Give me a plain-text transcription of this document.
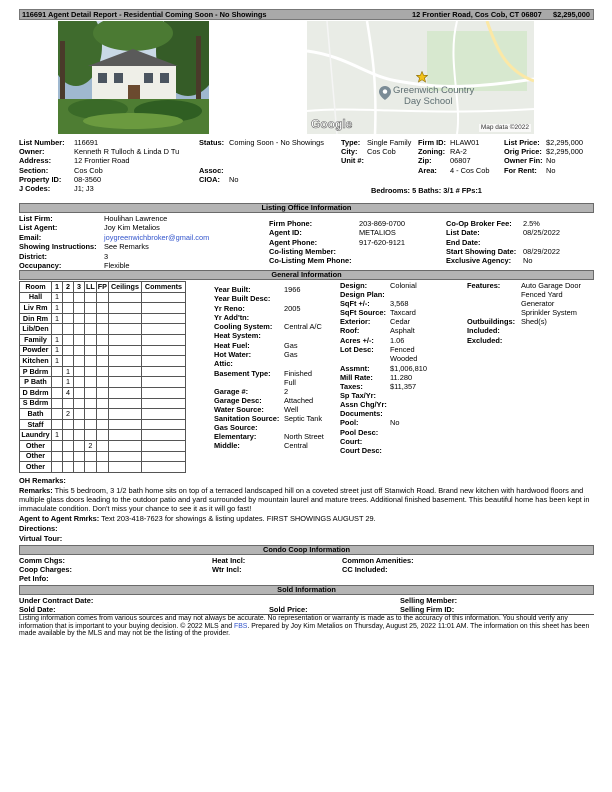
116691 Agent Detail Report - Residential Coming Soon - No Showings	12 Frontier Road, Cos Cob, CT 06807 $2,295,000
Greenwich Country
Day School
Google	Map data ©2022
List Number: 116691
Owner:	Kenneth R Tulloch & Linda D Tu
Address:	12 Frontier Road
Section:	Cos Cob
Property ID: 08-3560
J Codes:	J1; J3
Status: Coming Soon - No Showings
Assoc:
CIOA: No
Type: Single Family
City: Cos Cob
Unit #:
Firm ID: HLAW01
Zoning: RA-2
Zip: 06807
Area: 4 - Cos Cob
List Price: $2,295,000
Orig Price: $2,295,000
Owner Fin: No
For Rent: No
Bedrooms: 5 Baths: 3/1 # FPs:1
Listing Office Information
List Firm:	Houlihan Lawrence
List Agent:	Joy Kim Metalios
Email:	joygreenwichbroker@gmail.com
Showing Instructions: See Remarks
District:	3
Occupancy:	Flexible
Firm Phone:	203-869-0700
Agent ID:	METALIOS
Agent Phone:	917-620-9121
Co-listing Member:
Co-Listing Mem Phone:
Co-Op Broker Fee: 2.5%
List Date:	08/25/2022
End Date:
Start Showing Date: 08/29/2022
Exclusive Agency: No
General Information
Room	1	2	3	LL	FP	Ceilings	Comments
Hall	1						
Liv Rm	1						
Din Rm	1						
Lib/Den							
Family	1						
Powder	1						
Kitchen	1						
P Bdrm		1					
P Bath		1					
D Bdrm		4					
S Bdrm							
Bath		2					
Staff							
Laundry	1						
Other				2			
Other							
Other							
Year Built:	1966
Year Built Desc:
Yr Reno:	2005
Yr Add'tn:
Cooling System: Central A/C
Heat System:
Heat Fuel:	Gas
Hot Water:	Gas
Attic:
Basement Type: Finished
Full
Garage #:	2
Garage Desc:	Attached
Water Source:	Well
Sanitation Source: Septic Tank
Gas Source:
Elementary:	North Street
Middle:	Central
Design:	Colonial
Design Plan:
SqFt +/-:	3,568
SqFt Source: Taxcard
Exterior:	Cedar
Roof:	Asphalt
Acres +/-: 1.06
Lot Desc: Fenced
Wooded
Assmnt:	$1,006,810
Mill Rate: 11.280
Taxes:	$11,357
Sp Tax/Yr:
Assn Chg/Yr:
Documents:
Pool:	No
Pool Desc:
Court:
Court Desc:
Features:	Auto Garage Door
Fenced Yard
Generator
Sprinkler System
Outbuildings: Shed(s)
Included:
Excluded:
OH Remarks:
Remarks: This 5 bedroom, 3 1/2 bath home sits on top of a terraced landscaped hill on a coveted street just off Stanwich Road. Brand new kitchen with hardwood floors and multiple glass doors leading to the outdoor patio and yard surrounded by mountain laurel and mature trees. Additional finished basement. This beautiful home has been kept in immaculate condition. Don't miss your chance to see it as it will go fast!
Agent to Agent Rmrks: Text 203-418-7623 for showings & listing updates. FIRST SHOWINGS AUGUST 29.
Directions:
Virtual Tour:
Condo Coop Information
Comm Chgs:
Coop Charges:
Pet Info:
Heat Incl:
Wtr Incl:
Common Amenities:
CC Included:
Sold Information
Under Contract Date:
Sold Date:	Sold Price:
Selling Member:
Selling Firm ID:
Listing information comes from various sources and may not always be accurate. No representation or warranty is made as to the accuracy of this information. You should verify any information that is important to your buying decision. © 2022 MLS and FBS. Prepared by Joy Kim Metalios on Thursday, August 25, 2022 11:01 AM. The information on this sheet has been made available by the MLS and may not be the listing of the provider.
